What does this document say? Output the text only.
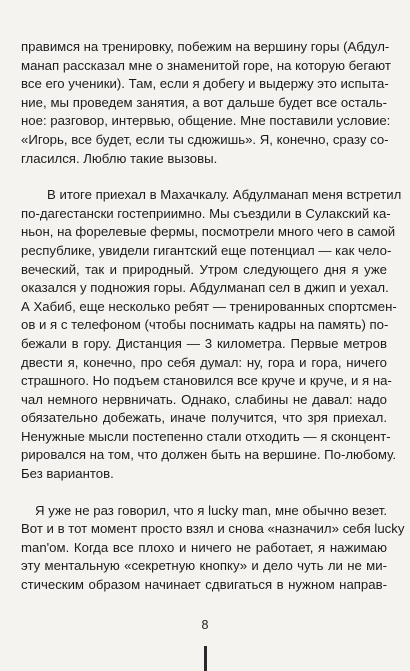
правимся на тренировку, побежим на вершину горы (Абдул-
манап рассказал мне о знаменитой горе, на которую бегают
все его ученики). Там, если я добегу и выдержу это испыта-
ние, мы проведем занятия, а вот дальше будет все осталь-
ное: разговор, интервью, общение. Мне поставили условие:
«Игорь, все будет, если ты сдюжишь». Я, конечно, сразу со-
гласился. Люблю такие вызовы.

В итоге приехал в Махачкалу. Абдулманап меня встретил
по-дагестански гостеприимно. Мы съездили в Сулакский ка-
ньон, на форелевые фермы, посмотрели много чего в самой
республике, увидели гигантский еще потенциал — как чело-
веческий, так и природный. Утром следующего дня я уже
оказался у подножия горы. Абдулманап сел в джип и уехал.
А Хабиб, еще несколько ребят — тренированных спортсмен-
ов и я с телефоном (чтобы поснимать кадры на память) по-
бежали в гору. Дистанция — 3 километра. Первые метров
двести я, конечно, про себя думал: ну, гора и гора, ничего
страшного. Но подъем становился все круче и круче, и я на-
чал немного нервничать. Однако, слабины не давал: надо
обязательно добежать, иначе получится, что зря приехал.
Ненужные мысли постепенно стали отходить — я сконцент-
рировался на том, что должен быть на вершине. По-любому.
Без вариантов.

Я уже не раз говорил, что я lucky man, мне обычно везет.
Вот и в тот момент просто взял и снова «назначил» себя lucky
man'ом. Когда все плохо и ничего не работает, я нажимаю
эту ментальную «секретную кнопку» и дело чуть ли не ми-
стическим образом начинает сдвигаться в нужном направ-

8
